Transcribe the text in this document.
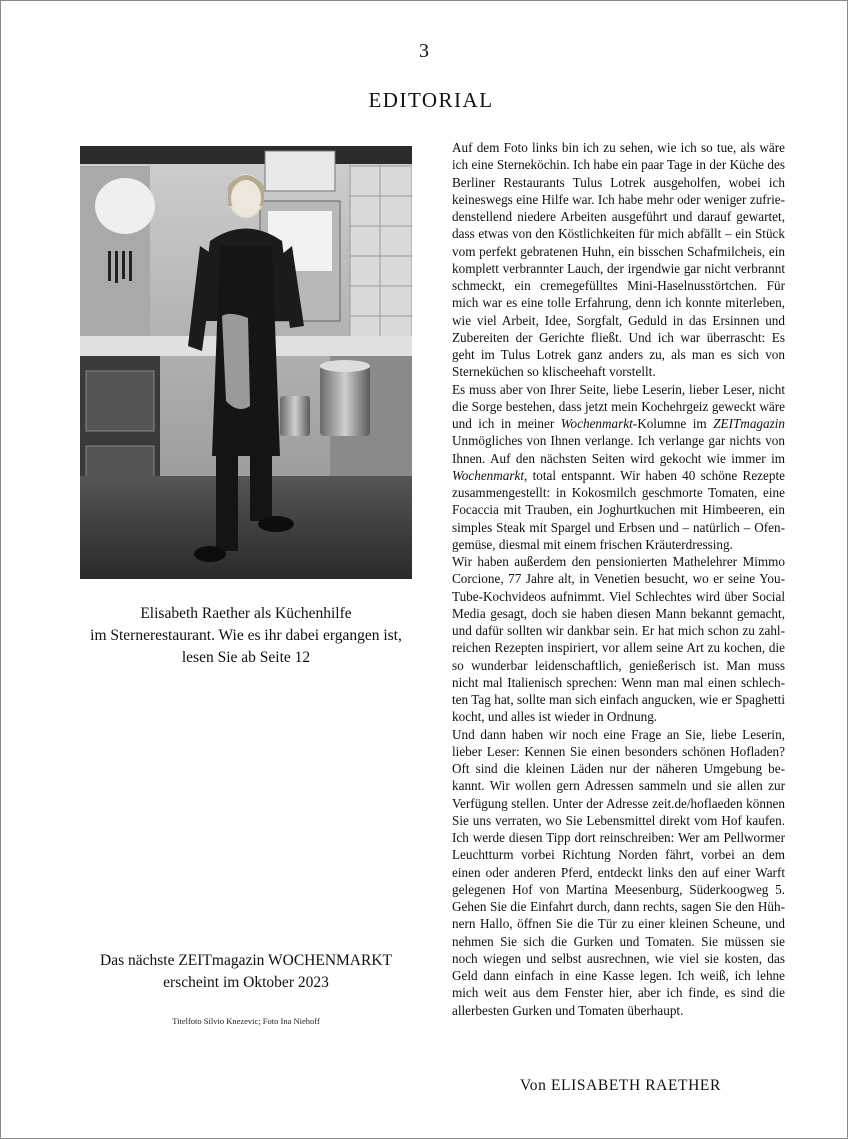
3
EDITORIAL
Elisabeth Raether als Küchenhilfe
im Sternerestaurant. Wie es ihr dabei ergangen ist,
lesen Sie ab Seite 12
Das nächste ZEITmagazin WOCHENMARKT
erscheint im Oktober 2023
Titelfoto Silvio Knezevic; Foto Ina Niehoff

Auf dem Foto links bin ich zu sehen, wie ich so tue, als wäre ich eine Sterneköchin. Ich habe ein paar Tage in der Küche des Berliner Restaurants Tulus Lotrek ausgeholfen, wobei ich keineswegs eine Hilfe war. Ich habe mehr oder weniger zufriedenstellend niedere Arbeiten ausgeführt und darauf gewartet, dass etwas von den Köstlichkeiten für mich abfällt – ein Stück vom perfekt gebratenen Huhn, ein bisschen Schafmilcheis, ein komplett verbrannter Lauch, der irgendwie gar nicht verbrannt schmeckt, ein cremegefülltes Mini-Haselnusstörtchen. Für mich war es eine tolle Erfahrung, denn ich konnte miterleben, wie viel Arbeit, Idee, Sorgfalt, Geduld in das Ersinnen und Zubereiten der Gerichte fließt. Und ich war überrascht: Es geht im Tulus Lotrek ganz anders zu, als man es sich von Sterneküchen so klischeehaft vorstellt.

Es muss aber von Ihrer Seite, liebe Leserin, lieber Leser, nicht die Sorge bestehen, dass jetzt mein Kochehrgeiz geweckt wäre und ich in meiner Wochenmarkt-Kolumne im ZEITmagazin Unmögliches von Ihnen verlange. Ich verlange gar nichts von Ihnen. Auf den nächsten Seiten wird gekocht wie immer im Wochenmarkt, total entspannt. Wir haben 40 schöne Rezepte zusammengestellt: in Kokosmilch geschmorte Tomaten, eine Focaccia mit Trauben, ein Joghurtkuchen mit Himbeeren, ein simples Steak mit Spargel und Erbsen und – natürlich – Ofengemüse, diesmal mit einem frischen Kräuterdressing.

Wir haben außerdem den pensionierten Mathelehrer Mimmo Corcione, 77 Jahre alt, in Venetien besucht, wo er seine YouTube-Kochvideos aufnimmt. Viel Schlechtes wird über Social Media gesagt, doch sie haben diesen Mann bekannt gemacht, und dafür sollten wir dankbar sein. Er hat mich schon zu zahlreichen Rezepten inspiriert, vor allem seine Art zu kochen, die so wunderbar leidenschaftlich, genießerisch ist. Man muss nicht mal Italienisch sprechen: Wenn man mal einen schlechten Tag hat, sollte man sich einfach angucken, wie er Spaghetti kocht, und alles ist wieder in Ordnung.

Und dann haben wir noch eine Frage an Sie, liebe Leserin, lieber Leser: Kennen Sie einen besonders schönen Hofladen? Oft sind die kleinen Läden nur der näheren Umgebung bekannt. Wir wollen gern Adressen sammeln und sie allen zur Verfügung stellen. Unter der Adresse zeit.de/hoflaeden können Sie uns verraten, wo Sie Lebensmittel direkt vom Hof kaufen. Ich werde diesen Tipp dort reinschreiben: Wer am Pellwormer Leuchtturm vorbei Richtung Norden fährt, vorbei an dem einen oder anderen Pferd, entdeckt links den auf einer Warft gelegenen Hof von Martina Meesenburg, Süderkoogweg 5. Gehen Sie die Einfahrt durch, dann rechts, sagen Sie den Hühnern Hallo, öffnen Sie die Tür zu einer kleinen Scheune, und nehmen Sie sich die Gurken und Tomaten. Sie müssen sie noch wiegen und selbst ausrechnen, wie viel sie kosten, das Geld dann einfach in eine Kasse legen. Ich weiß, ich lehne mich weit aus dem Fenster hier, aber ich finde, es sind die allerbesten Gurken und Tomaten überhaupt.

Von ELISABETH RAETHER
